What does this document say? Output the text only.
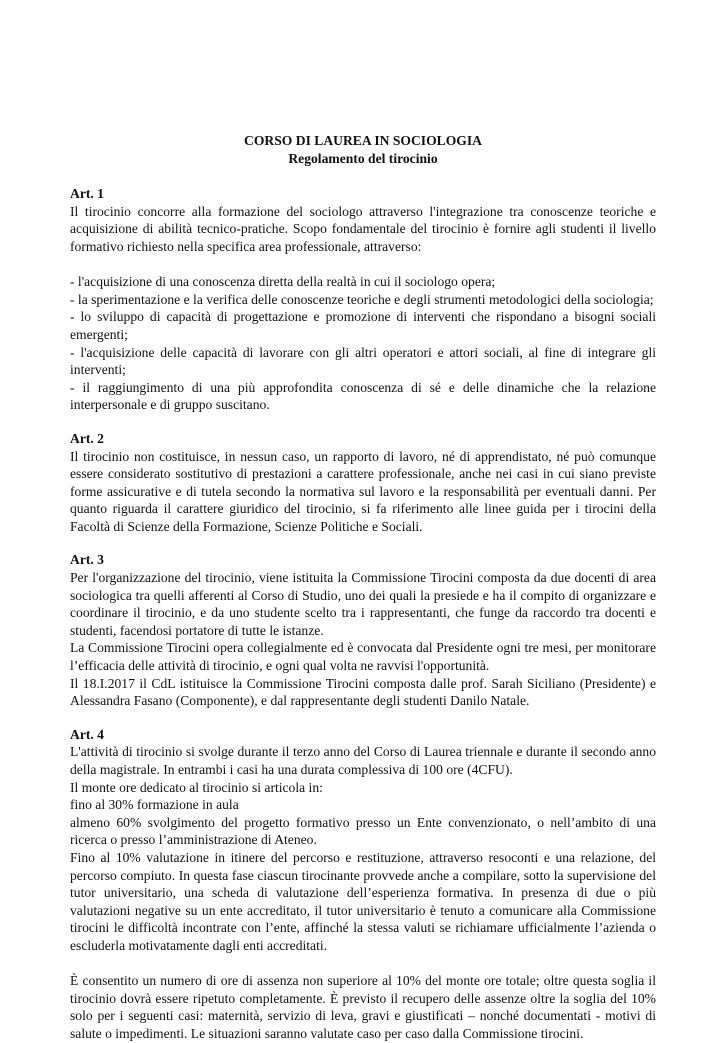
CORSO DI LAUREA IN SOCIOLOGIA

Regolamento del tirocinio

Art. 1

Il tirocinio concorre alla formazione del sociologo attraverso l'integrazione tra conoscenze teoriche e acquisizione di abilità tecnico-pratiche. Scopo fondamentale del tirocinio è fornire agli studenti il livello formativo richiesto nella specifica area professionale, attraverso:

- l'acquisizione di una conoscenza diretta della realtà in cui il sociologo opera;

- la sperimentazione e la verifica delle conoscenze teoriche e degli strumenti metodologici della sociologia;

- lo sviluppo di capacità di progettazione e promozione di interventi che rispondano a bisogni sociali emergenti;

- l'acquisizione delle capacità di lavorare con gli altri operatori e attori sociali, al fine di integrare gli interventi;

- il raggiungimento di una più approfondita conoscenza di sé e delle dinamiche che la relazione interpersonale e di gruppo suscitano.

Art. 2

Il tirocinio non costituisce, in nessun caso, un rapporto di lavoro, né di apprendistato, né può comunque essere considerato sostitutivo di prestazioni a carattere professionale, anche nei casi in cui siano previste forme assicurative e di tutela secondo la normativa sul lavoro e la responsabilità per eventuali danni. Per quanto riguarda il carattere giuridico del tirocinio, si fa riferimento alle linee guida per i tirocini della Facoltà di Scienze della Formazione, Scienze Politiche e Sociali.

Art. 3

Per l'organizzazione del tirocinio, viene istituita la Commissione Tirocini composta da due docenti di area sociologica tra quelli afferenti al Corso di Studio, uno dei quali la presiede e ha il compito di organizzare e coordinare il tirocinio, e da uno studente scelto tra i rappresentanti, che funge da raccordo tra docenti e studenti, facendosi portatore di tutte le istanze.

La Commissione Tirocini opera collegialmente ed è convocata dal Presidente ogni tre mesi, per monitorare l’efficacia delle attività di tirocinio, e ogni qual volta ne ravvisi l'opportunità.

Il 18.I.2017 il CdL istituisce la Commissione Tirocini composta dalle prof. Sarah Siciliano (Presidente) e Alessandra Fasano (Componente), e dal rappresentante degli studenti Danilo Natale.

Art. 4

L'attività di tirocinio si svolge durante il terzo anno del Corso di Laurea triennale e durante il secondo anno della magistrale. In entrambi i casi ha una durata complessiva di 100 ore (4CFU).

Il monte ore dedicato al tirocinio si articola in:

fino al 30% formazione in aula

almeno 60% svolgimento del progetto formativo presso un Ente convenzionato, o nell’ambito di una ricerca o presso l’amministrazione di Ateneo.

Fino al 10% valutazione in itinere del percorso e restituzione, attraverso resoconti e una relazione, del percorso compiuto. In questa fase ciascun tirocinante provvede anche a compilare, sotto la supervisione del tutor universitario, una scheda di valutazione dell’esperienza formativa. In presenza di due o più valutazioni negative su un ente accreditato, il tutor universitario è tenuto a comunicare alla Commissione tirocini le difficoltà incontrate con l’ente, affinché la stessa valuti se richiamare ufficialmente l’azienda o escluderla motivatamente dagli enti accreditati.

È consentito un numero di ore di assenza non superiore al 10% del monte ore totale; oltre questa soglia il tirocinio dovrà essere ripetuto completamente. È previsto il recupero delle assenze oltre la soglia del 10% solo per i seguenti casi: maternità, servizio di leva, gravi e giustificati – nonché documentati - motivi di salute o impedimenti. Le situazioni saranno valutate caso per caso dalla Commissione tirocini.
